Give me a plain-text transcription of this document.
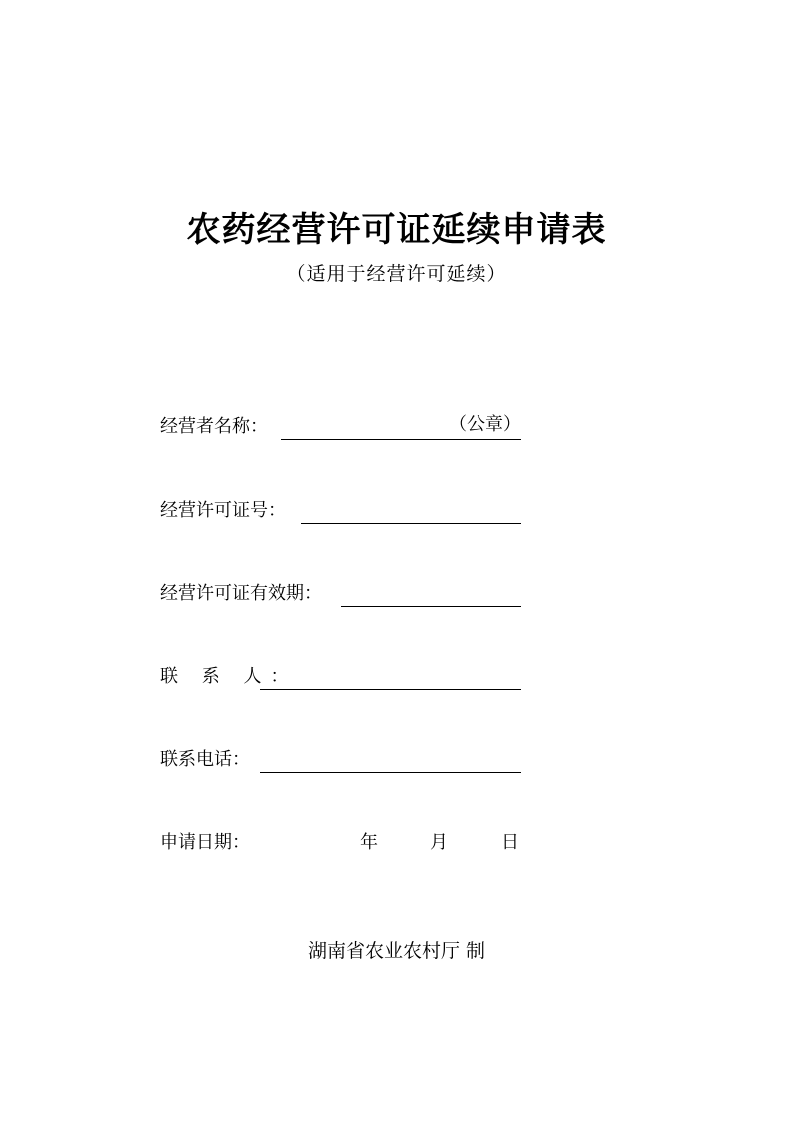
农药经营许可证延续申请表
（适用于经营许可延续）
经营者名称：	（公章）
经营许可证号：
经营许可证有效期：
联 系 人：
联系电话：
申请日期：	年	月	日
湖南省农业农村厅 制
